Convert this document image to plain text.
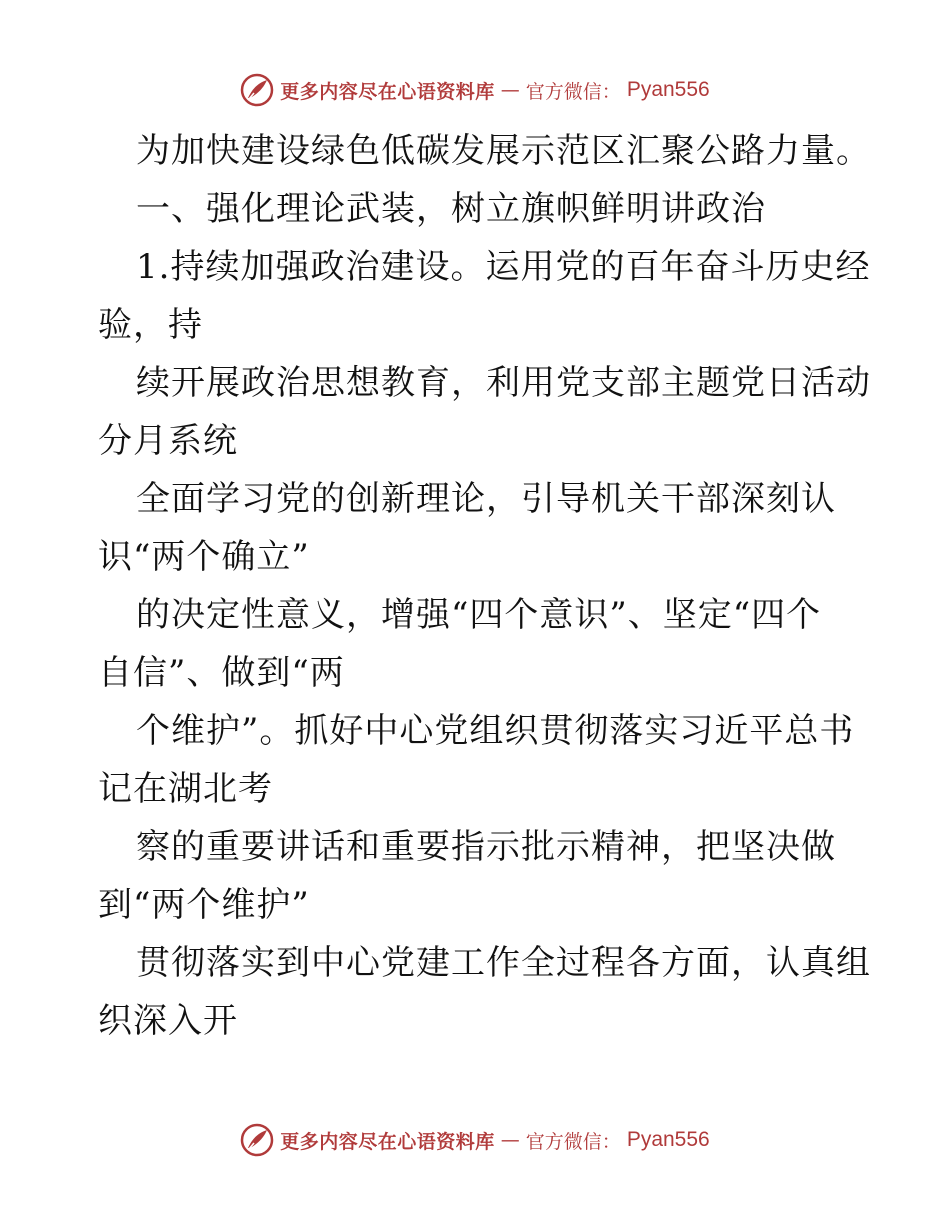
更多内容尽在心语资料库 — 官方微信： Pyan556
为加快建设绿色低碳发展示范区汇聚公路力量。
一、强化理论武装，树立旗帜鲜明讲政治
1.持续加强政治建设。运用党的百年奋斗历史经
验，持
续开展政治思想教育，利用党支部主题党日活动
分月系统
全面学习党的创新理论，引导机关干部深刻认
识“两个确立”
的决定性意义，增强“四个意识”、坚定“四个
自信”、做到“两
个维护”。抓好中心党组织贯彻落实习近平总书
记在湖北考
察的重要讲话和重要指示批示精神，把坚决做
到“两个维护”
贯彻落实到中心党建工作全过程各方面，认真组
织深入开
更多内容尽在心语资料库 — 官方微信： Pyan556
